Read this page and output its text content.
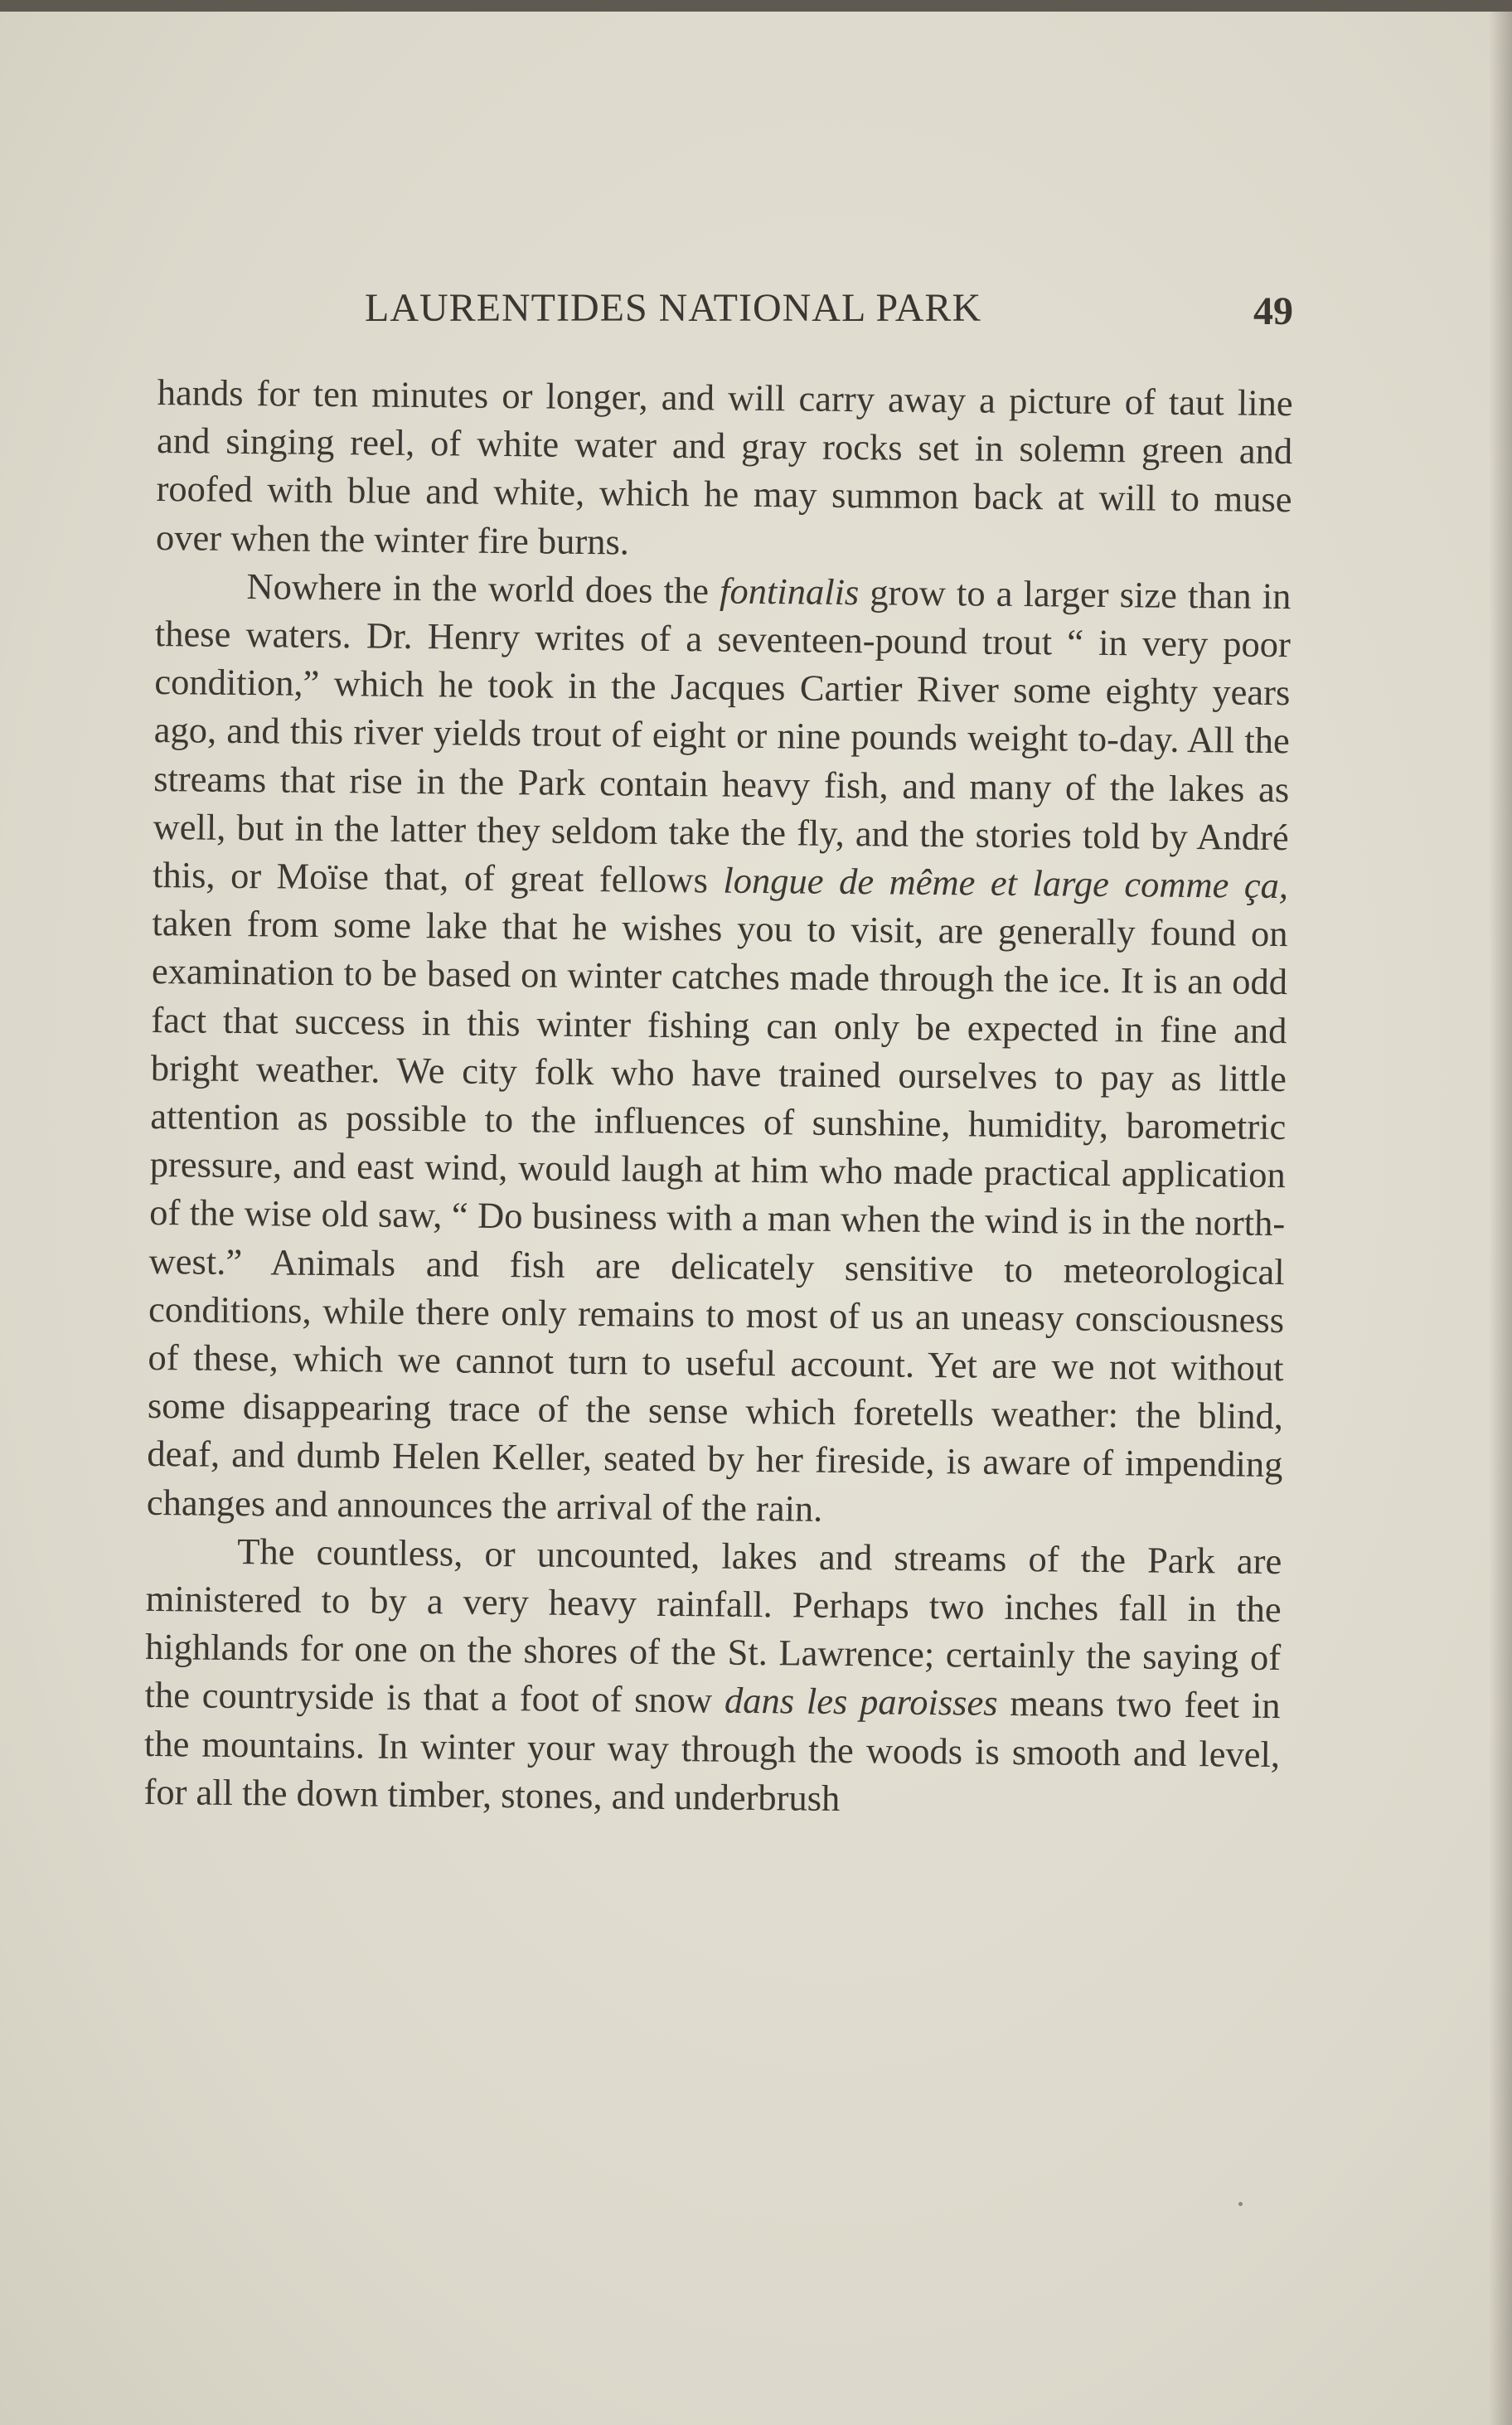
LAURENTIDES NATIONAL PARK	49

hands for ten minutes or longer, and will carry away a picture of taut line and singing reel, of white water and gray rocks set in solemn green and roofed with blue and white, which he may summon back at will to muse over when the winter fire burns.

Nowhere in the world does the fontinalis grow to a larger size than in these waters. Dr. Henry writes of a seventeen-pound trout “ in very poor condition,” which he took in the Jacques Cartier River some eighty years ago, and this river yields trout of eight or nine pounds weight to-day. All the streams that rise in the Park contain heavy fish, and many of the lakes as well, but in the latter they seldom take the fly, and the stories told by André this, or Moïse that, of great fellows longue de même et large comme ça, taken from some lake that he wishes you to visit, are generally found on examination to be based on winter catches made through the ice. It is an odd fact that success in this winter fishing can only be expected in fine and bright weather. We city folk who have trained ourselves to pay as little attention as possible to the influences of sunshine, humidity, barometric pressure, and east wind, would laugh at him who made practical application of the wise old saw, “ Do business with a man when the wind is in the north-west.” Animals and fish are delicately sensitive to meteorological conditions, while there only remains to most of us an uneasy consciousness of these, which we cannot turn to useful account. Yet are we not without some disappearing trace of the sense which foretells weather: the blind, deaf, and dumb Helen Keller, seated by her fireside, is aware of impending changes and announces the arrival of the rain.

The countless, or uncounted, lakes and streams of the Park are ministered to by a very heavy rainfall. Perhaps two inches fall in the highlands for one on the shores of the St. Lawrence; certainly the saying of the countryside is that a foot of snow dans les paroisses means two feet in the mountains. In winter your way through the woods is smooth and level, for all the down timber, stones, and underbrush
